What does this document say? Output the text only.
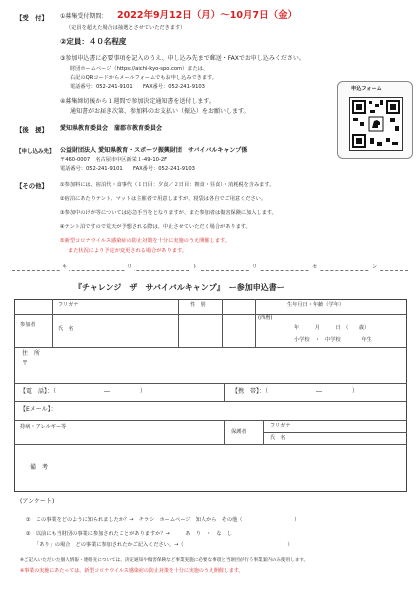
【受　付】 ①募集受付期間： 2022年9月12日（月）～10月7日（金）
（定員を超えた場合は抽選とさせていただきます）
②定員：４０名程度
③参加申込書に必要事項を記入のうえ、申し込み先まで郵送・FAXでお申し込みください。
財団ホームページ（https://aichi-kyo-spo.com）または、
右記のQRコードからメールフォームでもお申し込みできます。
電話番号：052-241-9101　　FAX番号：052-241-9103
④募集締切後から１週間で参加決定通知書を送付します。
通知書がお届き次第、参加料のお支払い（振込）をお願いします。
申込フォーム
【後　援】 愛知県教育委員会　蒲郡市教育委員会
【申し込み先】 公益財団法人 愛知県教育・スポーツ振興財団　サバイバルキャンプ係
〒460-0007　名古屋市中区新栄１-49-10-2F
電話番号：052-241-9101　　FAX番号：052-241-9103
【その他】 ①参加料には、宿泊代・食事代（１日目：夕食／２日目：朝食・昼食）・消耗税を含みます。
②宿泊にあたりテント、マットは主催者で用意しますが、寝袋は各自でご用意ください。
③参加中のけが等については応急手当をとなりますが、また参加者は傷害保険に加入します。
④テント泊ですので荒天が予想される際は、中止させていただく場合があります。
⑤新型コロナウイルス感染症の防止対策を十分に実施のうえ開催します。
また状況により予定が変更される場合があります。
キ	リ	ト	リ	セ	ン
『チャレンジ　ザ　サバイバルキャンプ』　ー参加申込書ー
参加者
フリガナ
氏　名
性　別	生年月日・年齢（学年）
(西暦)
年　　　月　　　日　（　　歳）
小学校　・　中学校　　　　年生
住　所
〒
【電　話】：（　　　　　　　　―　　　　　）	【携　帯】：（　　　　　　　　―　　　　　）
【Eメール】：
持病・アレルギー等
保護者
フリガナ
氏　名
備　考
(アンケート)
①　この事業をどのように知られましたか？→　チラシ　ホームページ　知人から　その他（　　　　　　　　　　）
②　以前にも当財団の事業に参加されたことがありますか？→　　　あ　り　・　な　し
「あり」の場合　どの事業に参加されたかご記入ください。→（　　　　　　　　　　　　　　　　　　　　）
※ご記入いただいた個人情報・連絡先については、決定通知や傷害保険など事業実施に必要な事項と当財団が行う事業案内のみ使用します。
※事業の実施にあたっては、新型コロナウイルス感染症の防止対策を十分に実施のうえ開催します。
